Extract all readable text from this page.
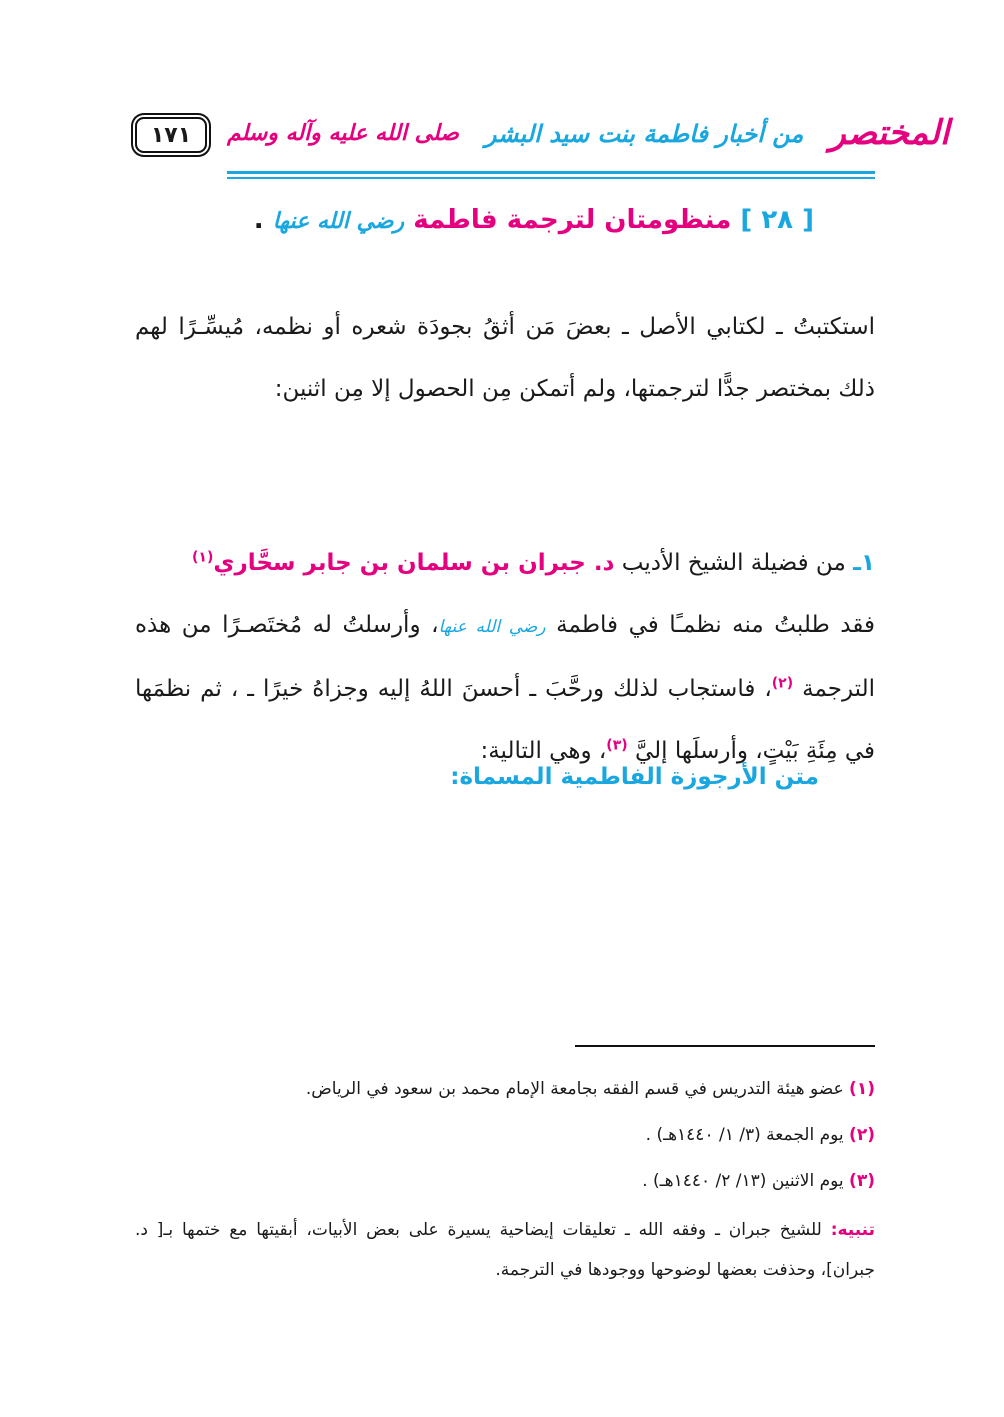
١٧١	المختصر
من أخبار فاطمة بنت سيد البشر
صلى الله عليه وآله وسلم
[ ٢٨ ] منظومتان لترجمة فاطمة رضي الله عنها .

استكتبتُ ـ لكتابي الأصل ـ بعضَ مَن أثقُ بجودَة شعره أو نظمه، مُيسِّـرًا لهم ذلك بمختصر جدًّا لترجمتها، ولم أتمكن مِن الحصول إلا مِن اثنين:

١ـ من فضيلة الشيخ الأديب د. جبران بن سلمان بن جابر سحَّاري$^{(١)}$
فقد طلبتُ منه نظمـًا في فاطمة رضي الله عنها، وأرسلتُ له مُختَصـرًا من هذه الترجمة $^{(٢)}$، فاستجاب لذلك ورحَّبَ ـ أحسنَ اللهُ إليه وجزاهُ خيرًا ـ ، ثم نظمَها في مِئَةِ بَيْتٍ، وأرسلَها إليَّ $^{(٣)}$، وهي التالية:

متن الأرجوزة الفاطمية المسماة:
(١) عضو هيئة التدريس في قسم الفقه بجامعة الإمام محمد بن سعود في الرياض.
(٢) يوم الجمعة (٣/ ١/ ١٤٤٠هـ) .
(٣) يوم الاثنين (١٣/ ٢/ ١٤٤٠هـ) .
تنبيه: للشيخ جبران ـ وفقه الله ـ تعليقات إيضاحية يسيرة على بعض الأبيات، أبقيتها مع ختمها بـ[ د. جبران]، وحذفت بعضها لوضوحها ووجودها في الترجمة.
